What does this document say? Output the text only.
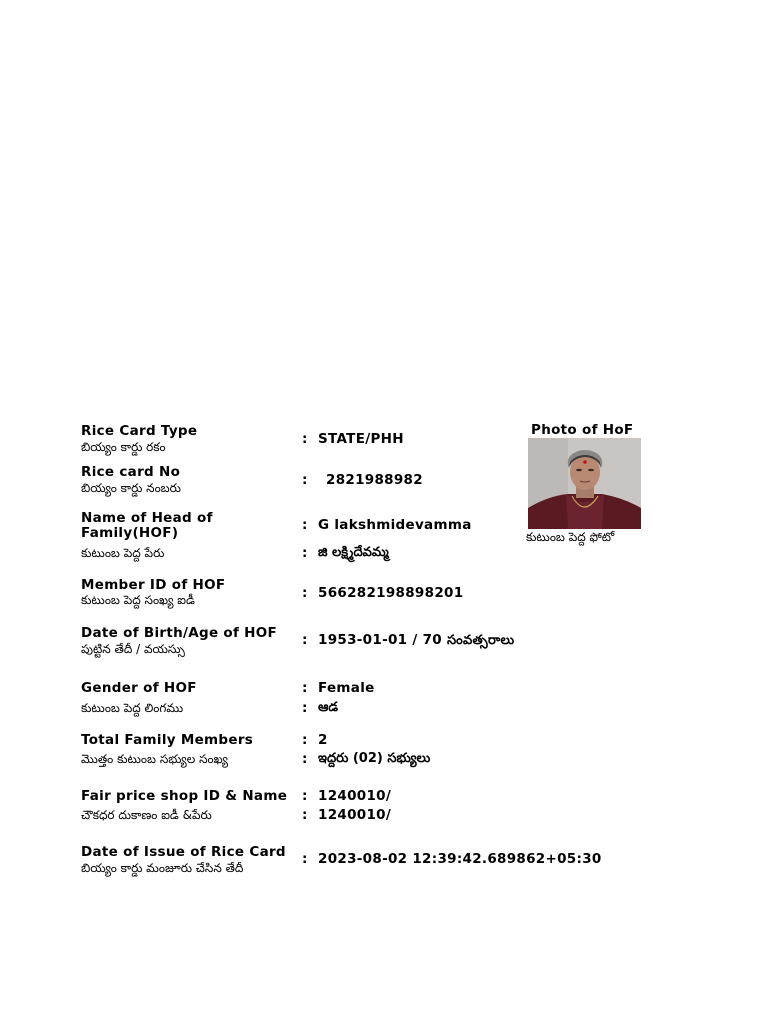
Rice Card Type
బియ్యం కార్డు రకం	: STATE/PHH
Rice card No
బియ్యం కార్డు నంబరు	: 2821988982
Name of Head of
Family(HOF)	: G lakshmidevamma
కుటుంబ పెద్ద పేరు	: జి లక్ష్మిదేవమ్మ
Member ID of HOF
కుటుంబ పెద్ద సంఖ్య ఐడీ	: 566282198898201
Date of Birth/Age of HOF
పుట్టిన తేదీ / వయస్సు
: 1953-01-01 / 70 సంవత్సరాలు
Gender of HOF	: Female
కుటుంబ పెద్ద లింగము	: ఆడ
Total Family Members	: 2
మొత్తం కుటుంబ సభ్యుల సంఖ్య	: ఇద్దరు (02) సభ్యులు
Fair price shop ID & Name : 1240010/
చౌకధర దుకాణం ఐడీ &పేరు	: 1240010/
Date of Issue of Rice Card
బియ్యం కార్డు మంజూరు చేసిన తేదీ
: 2023-08-02 12:39:42.689862+05:30
Photo of HoF
కుటుంబ పెద్ద ఫోటో
